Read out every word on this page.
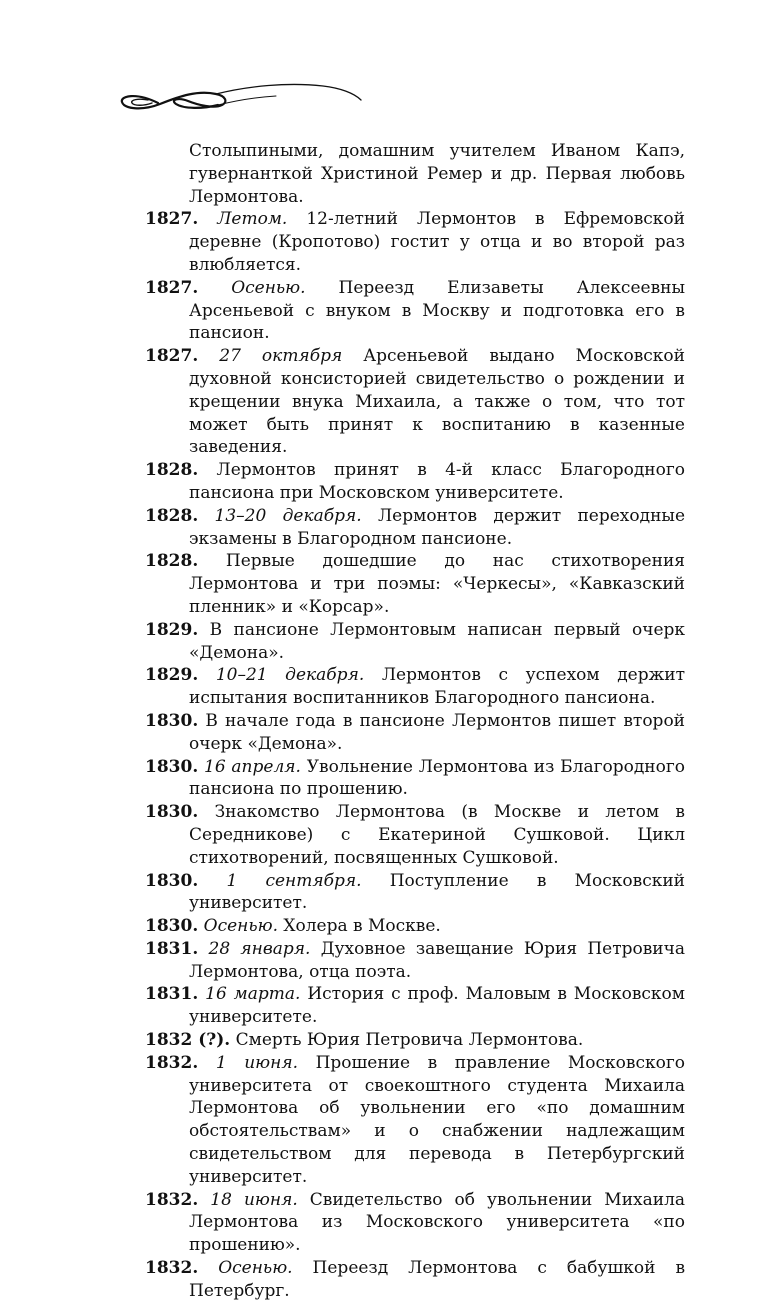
Столыпиными, домашним учителем Иваном Капэ, гувернанткой Христиной Ремер и др. Первая любовь Лермонтова.

1827. Летом. 12-летний Лермонтов в Ефремовской деревне (Кропотово) гостит у отца и во второй раз влюбляется.

1827. Осенью. Переезд Елизаветы Алексеевны Арсеньевой с внуком в Москву и подготовка его в пансион.

1827. 27 октября Арсеньевой выдано Московской духовной консисторией свидетельство о рождении и крещении внука Михаила, а также о том, что тот может быть принят к воспитанию в казенные заведения.

1828. Лермонтов принят в 4-й класс Благородного пансиона при Московском университете.

1828. 13–20 декабря. Лермонтов держит переходные экзамены в Благородном пансионе.

1828. Первые дошедшие до нас стихотворения Лермонтова и три поэмы: «Черкесы», «Кавказский пленник» и «Корсар».

1829. В пансионе Лермонтовым написан первый очерк «Демона».

1829. 10–21 декабря. Лермонтов с успехом держит испытания воспитанников Благородного пансиона.

1830. В начале года в пансионе Лермонтов пишет второй очерк «Демона».

1830. 16 апреля. Увольнение Лермонтова из Благородного пансиона по прошению.

1830. Знакомство Лермонтова (в Москве и летом в Середникове) с Екатериной Сушковой. Цикл стихотворений, посвященных Сушковой.

1830. 1 сентября. Поступление в Московский университет.

1830. Осенью. Холера в Москве.

1831. 28 января. Духовное завещание Юрия Петровича Лермонтова, отца поэта.

1831. 16 марта. История с проф. Маловым в Московском университете.

1832 (?). Смерть Юрия Петровича Лермонтова.

1832. 1 июня. Прошение в правление Московского университета от своекоштного студента Михаила Лермонтова об увольнении его «по домашним обстоятельствам» и о снабжении надлежащим свидетельством для перевода в Петербургский университет.

1832. 18 июня. Свидетельство об увольнении Михаила Лермонтова из Московского университета «по прошению».

1832. Осенью. Переезд Лермонтова с бабушкой в Петербург.
